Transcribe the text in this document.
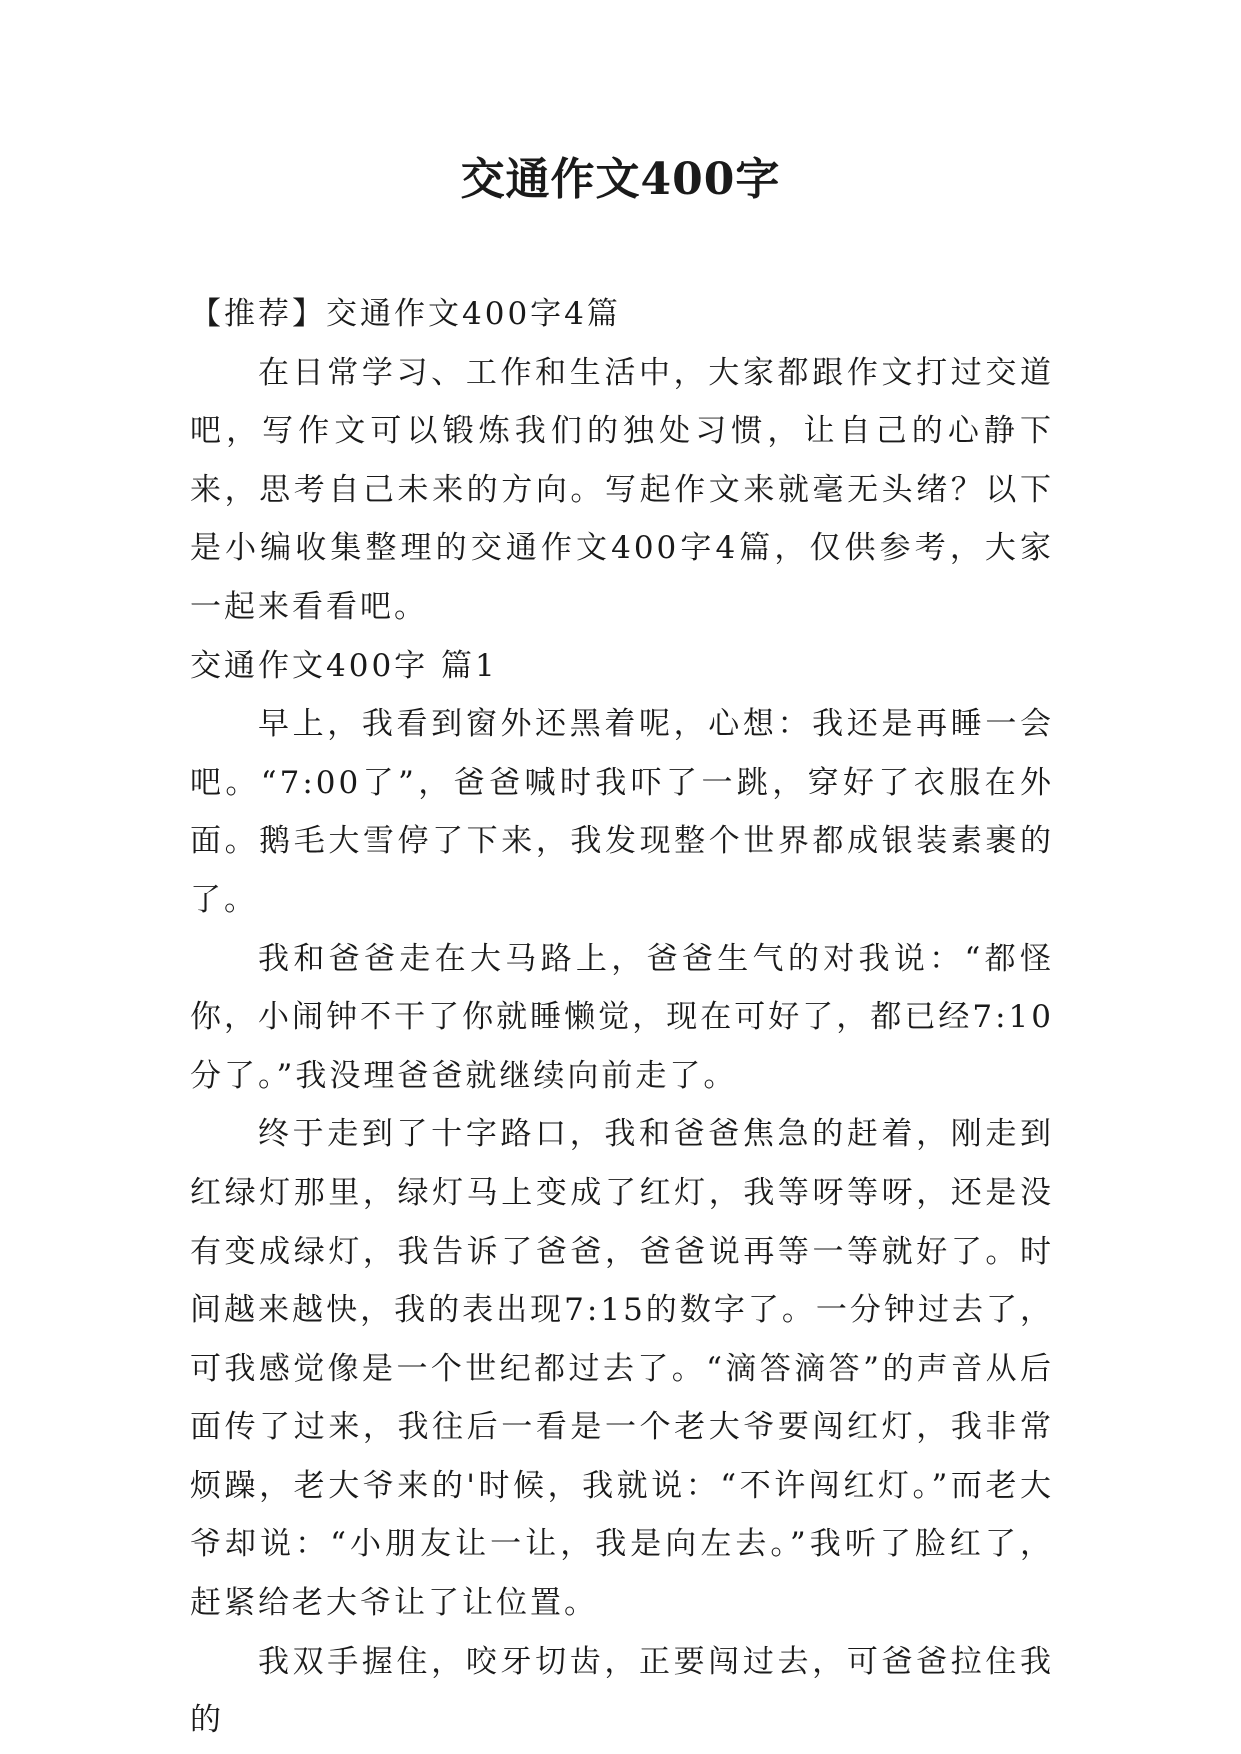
交通作文400字

【推荐】交通作文400字4篇

在日常学习、工作和生活中，大家都跟作文打过交道吧，写作文可以锻炼我们的独处习惯，让自己的心静下来，思考自己未来的方向。写起作文来就毫无头绪？以下是小编收集整理的交通作文400字4篇，仅供参考，大家一起来看看吧。

交通作文400字 篇1

早上，我看到窗外还黑着呢，心想：我还是再睡一会吧。“7:00了”，爸爸喊时我吓了一跳，穿好了衣服在外面。鹅毛大雪停了下来，我发现整个世界都成银装素裹的了。

我和爸爸走在大马路上，爸爸生气的对我说：“都怪你，小闹钟不干了你就睡懒觉，现在可好了，都已经7:10分了。”我没理爸爸就继续向前走了。

终于走到了十字路口，我和爸爸焦急的赶着，刚走到红绿灯那里，绿灯马上变成了红灯，我等呀等呀，还是没有变成绿灯，我告诉了爸爸，爸爸说再等一等就好了。时间越来越快，我的表出现7:15的数字了。一分钟过去了，可我感觉像是一个世纪都过去了。“滴答滴答”的声音从后面传了过来，我往后一看是一个老大爷要闯红灯，我非常烦躁，老大爷来的'时候，我就说：“不许闯红灯。”而老大爷却说：“小朋友让一让，我是向左去。”我听了脸红了，赶紧给老大爷让了让位置。

我双手握住，咬牙切齿，正要闯过去，可爸爸拉住我的
